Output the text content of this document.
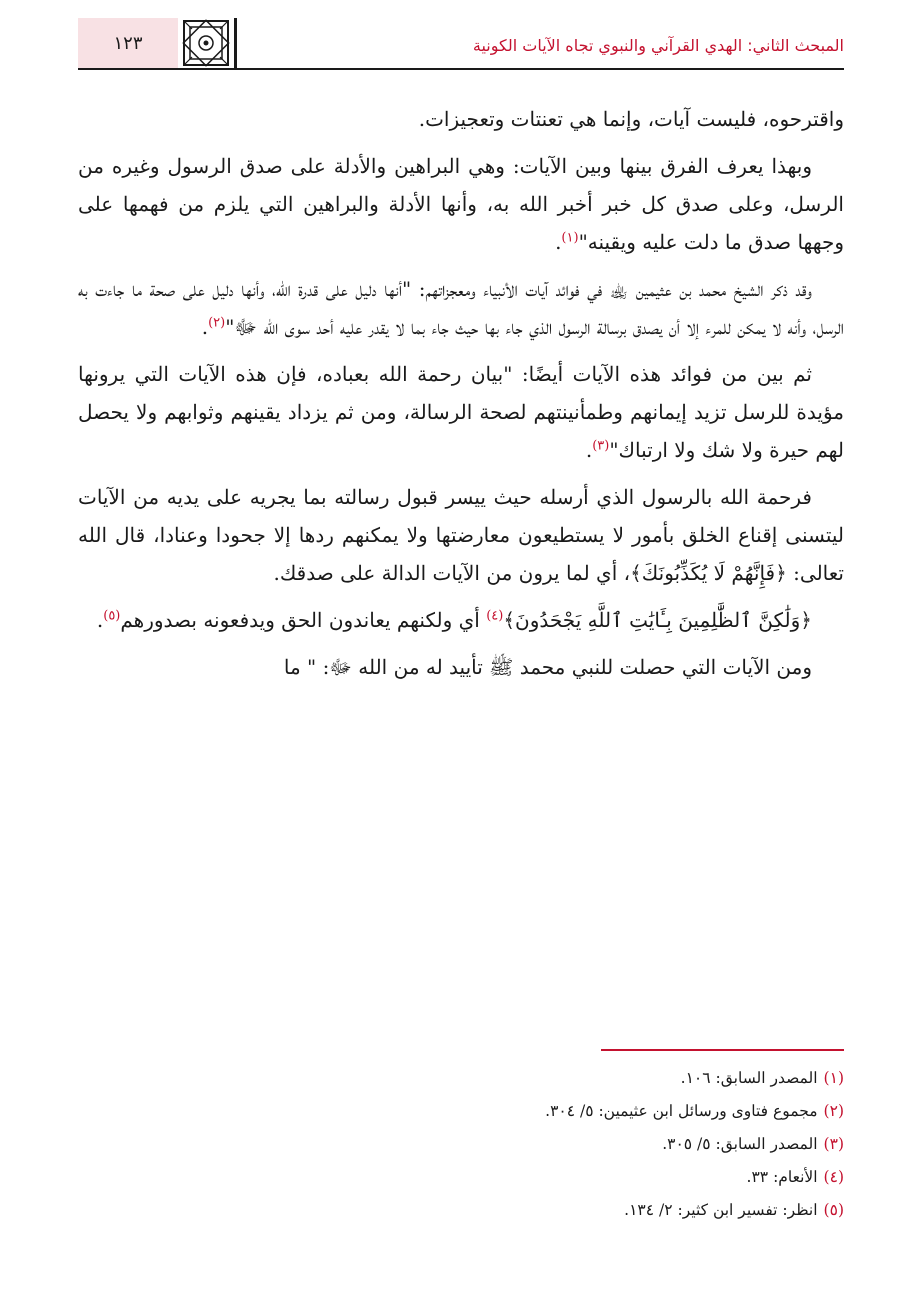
المبحث الثاني: الهدي القرآني والنبوي تجاه الآيات الكونية
١٢٣

واقترحوه، فليست آيات، وإنما هي تعنتات وتعجيزات.

وبهذا يعرف الفرق بينها وبين الآيات: وهي البراهين والأدلة على صدق الرسول وغيره من الرسل، وعلى صدق كل خبر أخبر الله به، وأنها الأدلة والبراهين التي يلزم من فهمها على وجهها صدق ما دلت عليه ويقينه"$^{(١)}$.

وقد ذكر الشيخ محمد بن عثيمين ﵀ في فوائد آيات الأنبياء ومعجزاتهم: "أنها دليل على قدرة الله، وأنها دليل على صحة ما جاءت به الرسل، وأنه لا يمكن للمرء إلا أن يصدق برسالة الرسول الذي جاء بها حيث جاء بما لا يقدر عليه أحد سوى الله ﷻ"$^{(٢)}$.

ثم بين من فوائد هذه الآيات أيضًا: "بيان رحمة الله بعباده، فإن هذه الآيات التي يرونها مؤيدة للرسل تزيد إيمانهم وطمأنينتهم لصحة الرسالة، ومن ثم يزداد يقينهم وثوابهم ولا يحصل لهم حيرة ولا شك ولا ارتباك"$^{(٣)}$.

فرحمة الله بالرسول الذي أرسله حيث ييسر قبول رسالته بما يجريه على يديه من الآيات ليتسنى إقناع الخلق بأمور لا يستطيعون معارضتها ولا يمكنهم ردها إلا جحودا وعنادا، قال الله تعالى: ﴿فَإِنَّهُمْ لَا يُكَذِّبُونَكَ﴾، أي لما يرون من الآيات الدالة على صدقك.

﴿وَلَٰكِنَّ ٱلظَّٰلِمِينَ بِـَٔايَٰتِ ٱللَّهِ يَجْحَدُونَ﴾$^{(٤)}$ أي ولكنهم يعاندون الحق ويدفعونه بصدورهم$^{(٥)}$.

ومن الآيات التي حصلت للنبي محمد ﷺ تأييد له من الله ﷻ: " ما

(١)المصدر السابق: ١٠٦.
(٢)مجموع فتاوى ورسائل ابن عثيمين: ٥/ ٣٠٤.
(٣)المصدر السابق: ٥/ ٣٠٥.
(٤)الأنعام: ٣٣.
(٥)انظر: تفسير ابن كثير: ٢/ ١٣٤.
